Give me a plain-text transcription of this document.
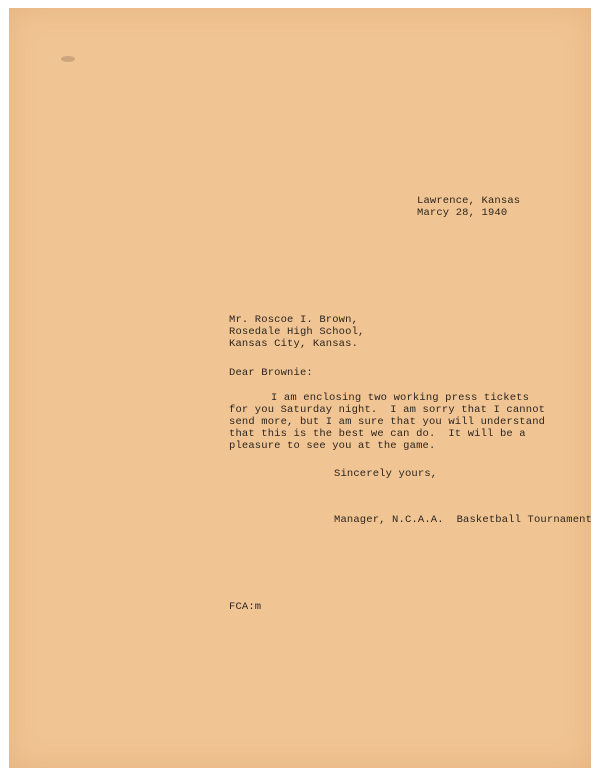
Lawrence, Kansas
Marcy 28, 1940
Mr. Roscoe I. Brown,
Rosedale High School,
Kansas City, Kansas.
Dear Brownie:
I am enclosing two working press tickets
for you Saturday night.  I am sorry that I cannot
send more, but I am sure that you will understand
that this is the best we can do.  It will be a
pleasure to see you at the game.
Sincerely yours,
Manager, N.C.A.A.  Basketball Tournament
FCA:m
